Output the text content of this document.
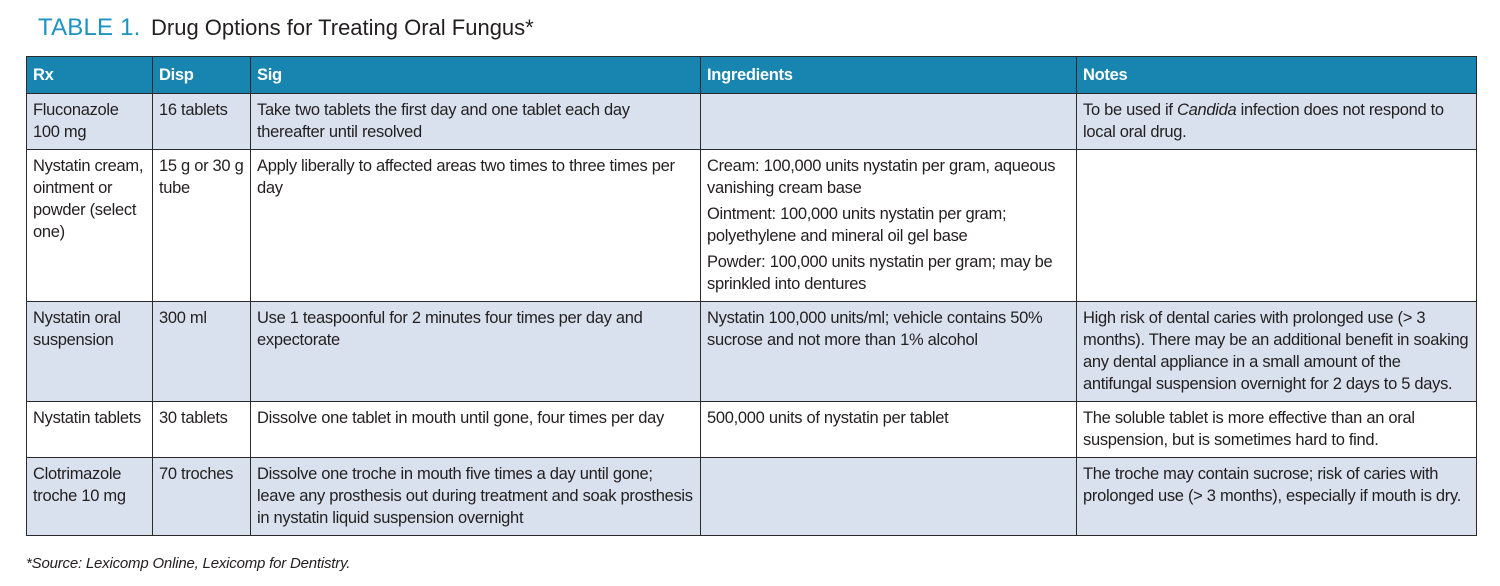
TABLE 1. Drug Options for Treating Oral Fungus*
Rx	Disp	Sig	Ingredients	Notes
Fluconazole 100 mg	16 tablets	Take two tablets the first day and one tablet each day thereafter until resolved		To be used if Candida infection does not respond to local oral drug.
Nystatin cream, ointment or powder (select one)	15 g or 30 g tube	Apply liberally to affected areas two times to three times per day	Cream: 100,000 units nystatin per gram, aqueous vanishing cream base
Ointment: 100,000 units nystatin per gram; polyethylene and mineral oil gel base
Powder: 100,000 units nystatin per gram; may be sprinkled into dentures	

Nystatin oral suspension	300 ml	Use 1 teaspoonful for 2 minutes four times per day and expectorate	Nystatin 100,000 units/ml; vehicle contains 50% sucrose and not more than 1% alcohol	High risk of dental caries with prolonged use (> 3 months). There may be an additional benefit in soaking any dental appliance in a small amount of the antifungal suspension overnight for 2 days to 5 days.
Nystatin tablets	30 tablets	Dissolve one tablet in mouth until gone, four times per day	500,000 units of nystatin per tablet	The soluble tablet is more effective than an oral suspension, but is sometimes hard to find.
Clotrimazole troche 10 mg	70 troches	Dissolve one troche in mouth five times a day until gone; leave any prosthesis out during treatment and soak prosthesis in nystatin liquid suspension overnight		The troche may contain sucrose; risk of caries with prolonged use (> 3 months), especially if mouth is dry.
*Source: Lexicomp Online, Lexicomp for Dentistry.
